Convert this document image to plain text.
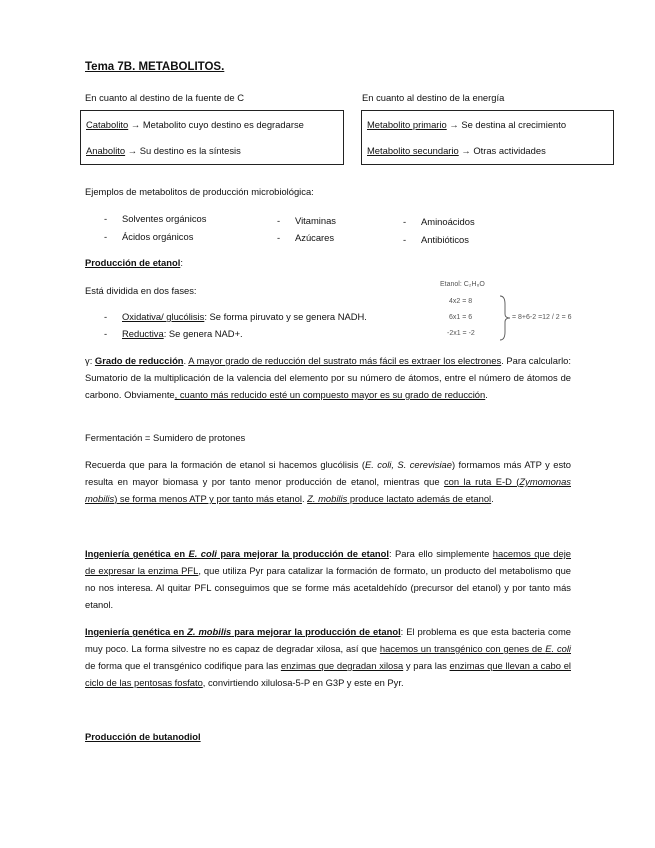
Tema 7B. METABOLITOS.
En cuanto al destino de la fuente de C	En cuanto al destino de la energía
Catabolito → Metabolito cuyo destino es degradarse
Anabolito → Su destino es la síntesis
Metabolito primario → Se destina al crecimiento
Metabolito secundario → Otras actividades
Ejemplos de metabolitos de producción microbiológica:
- Solventes orgánicos
- Ácidos orgánicos
- Vitaminas
- Azúcares
- Aminoácidos
- Antibióticos
Producción de etanol:
Está dividida en dos fases:
- Oxidativa/ glucólisis: Se forma piruvato y se genera NADH.
- Reductiva: Se genera NAD+.
Etanol: C₂H₆O
4x2 = 8
6x1 = 6
-2x1 = -2
= 8+6-2 =12 / 2 = 6
γ: Grado de reducción. A mayor grado de reducción del sustrato más fácil es extraer los electrones. Para calcularlo: Sumatorio de la multiplicación de la valencia del elemento por su número de átomos, entre el número de átomos de carbono. Obviamente, cuanto más reducido esté un compuesto mayor es su grado de reducción.
Fermentación = Sumidero de protones
Recuerda que para la formación de etanol si hacemos glucólisis (E. coli, S. cerevisiae) formamos más ATP y esto resulta en mayor biomasa y por tanto menor producción de etanol, mientras que con la ruta E-D (Zymomonas mobilis) se forma menos ATP y por tanto más etanol. Z. mobilis produce lactato además de etanol.
Ingeniería genética en E. coli para mejorar la producción de etanol: Para ello simplemente hacemos que deje de expresar la enzima PFL, que utiliza Pyr para catalizar la formación de formato, un producto del metabolismo que no nos interesa. Al quitar PFL conseguimos que se forme más acetaldehído (precursor del etanol) y por tanto más etanol.
Ingeniería genética en Z. mobilis para mejorar la producción de etanol: El problema es que esta bacteria come muy poco. La forma silvestre no es capaz de degradar xilosa, así que hacemos un transgénico con genes de E. coli de forma que el transgénico codifique para las enzimas que degradan xilosa y para las enzimas que llevan a cabo el ciclo de las pentosas fosfato, convirtiendo xilulosa-5-P en G3P y este en Pyr.
Producción de butanodiol
